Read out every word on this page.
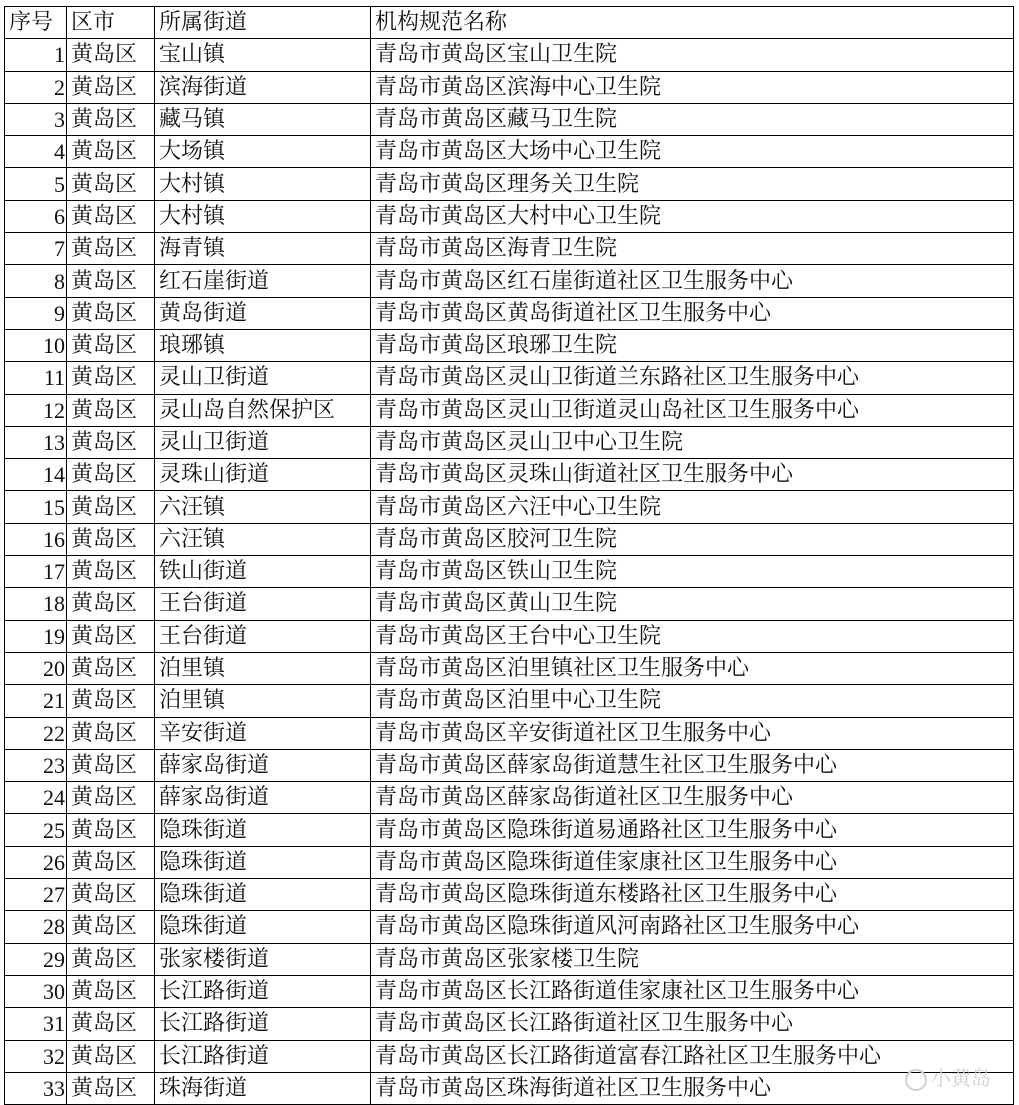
序号	区市	所属街道	机构规范名称
1	黄岛区	宝山镇	青岛市黄岛区宝山卫生院
2	黄岛区	滨海街道	青岛市黄岛区滨海中心卫生院
3	黄岛区	藏马镇	青岛市黄岛区藏马卫生院
4	黄岛区	大场镇	青岛市黄岛区大场中心卫生院
5	黄岛区	大村镇	青岛市黄岛区理务关卫生院
6	黄岛区	大村镇	青岛市黄岛区大村中心卫生院
7	黄岛区	海青镇	青岛市黄岛区海青卫生院
8	黄岛区	红石崖街道	青岛市黄岛区红石崖街道社区卫生服务中心
9	黄岛区	黄岛街道	青岛市黄岛区黄岛街道社区卫生服务中心
10	黄岛区	琅琊镇	青岛市黄岛区琅琊卫生院
11	黄岛区	灵山卫街道	青岛市黄岛区灵山卫街道兰东路社区卫生服务中心
12	黄岛区	灵山岛自然保护区	青岛市黄岛区灵山卫街道灵山岛社区卫生服务中心
13	黄岛区	灵山卫街道	青岛市黄岛区灵山卫中心卫生院
14	黄岛区	灵珠山街道	青岛市黄岛区灵珠山街道社区卫生服务中心
15	黄岛区	六汪镇	青岛市黄岛区六汪中心卫生院
16	黄岛区	六汪镇	青岛市黄岛区胶河卫生院
17	黄岛区	铁山街道	青岛市黄岛区铁山卫生院
18	黄岛区	王台街道	青岛市黄岛区黄山卫生院
19	黄岛区	王台街道	青岛市黄岛区王台中心卫生院
20	黄岛区	泊里镇	青岛市黄岛区泊里镇社区卫生服务中心
21	黄岛区	泊里镇	青岛市黄岛区泊里中心卫生院
22	黄岛区	辛安街道	青岛市黄岛区辛安街道社区卫生服务中心
23	黄岛区	薛家岛街道	青岛市黄岛区薛家岛街道慧生社区卫生服务中心
24	黄岛区	薛家岛街道	青岛市黄岛区薛家岛街道社区卫生服务中心
25	黄岛区	隐珠街道	青岛市黄岛区隐珠街道易通路社区卫生服务中心
26	黄岛区	隐珠街道	青岛市黄岛区隐珠街道佳家康社区卫生服务中心
27	黄岛区	隐珠街道	青岛市黄岛区隐珠街道东楼路社区卫生服务中心
28	黄岛区	隐珠街道	青岛市黄岛区隐珠街道风河南路社区卫生服务中心
29	黄岛区	张家楼街道	青岛市黄岛区张家楼卫生院
30	黄岛区	长江路街道	青岛市黄岛区长江路街道佳家康社区卫生服务中心
31	黄岛区	长江路街道	青岛市黄岛区长江路街道社区卫生服务中心
32	黄岛区	长江路街道	青岛市黄岛区长江路街道富春江路社区卫生服务中心
33	黄岛区	珠海街道	青岛市黄岛区珠海街道社区卫生服务中心	小黄岛
